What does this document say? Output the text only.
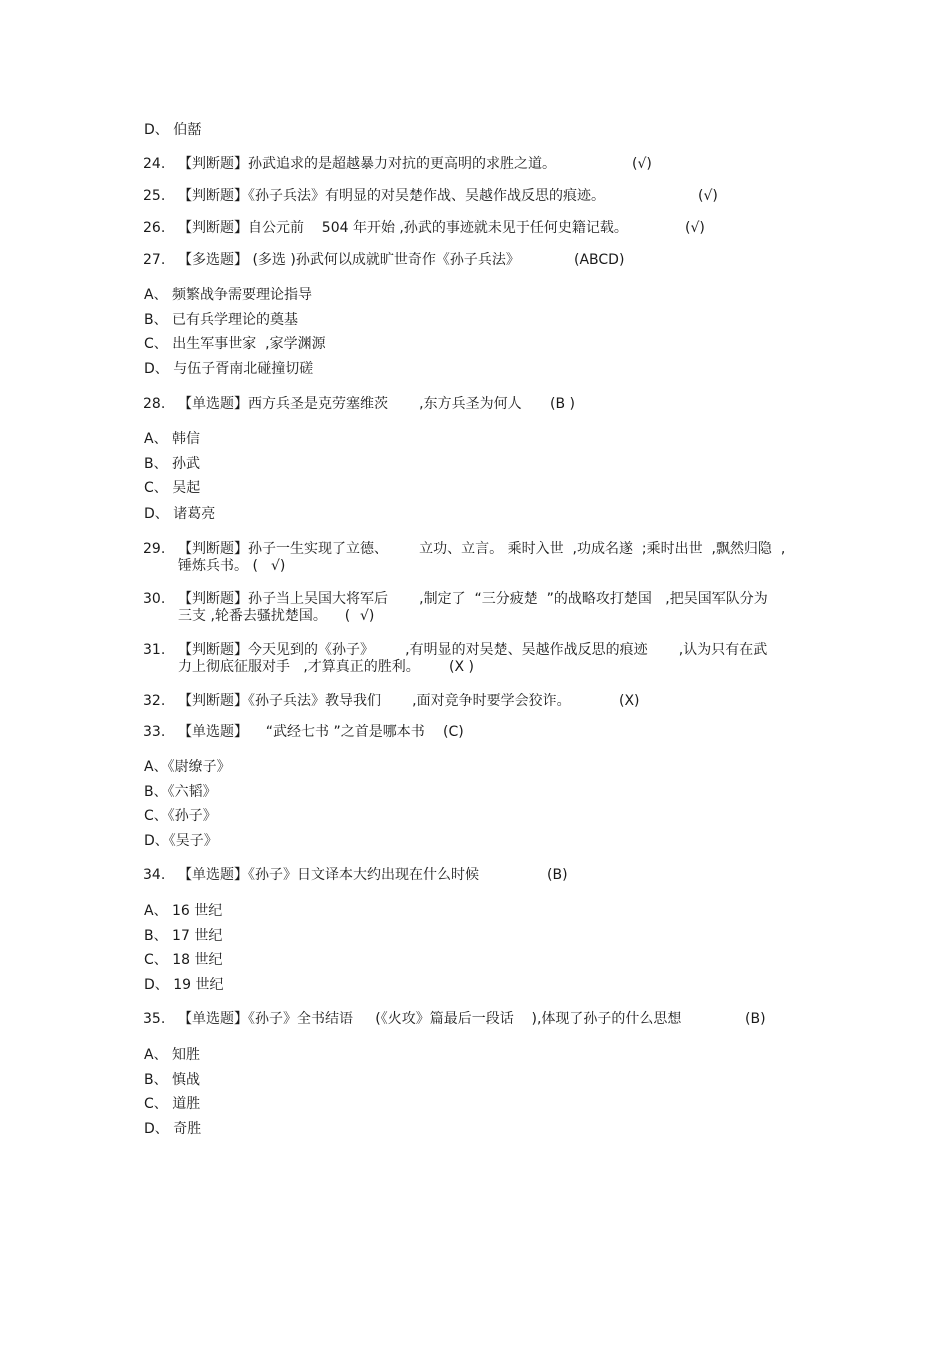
D、 伯嚭
24. 【判断题】孙武追求的是超越暴力对抗的更高明的求胜之道。	(√)
25. 【判断题】《孙子兵法》有明显的对吴楚作战、吴越作战反思的痕迹。	(√)
26. 【判断题】自公元前    504 年开始 ,孙武的事迹就未见于任何史籍记载。	(√)
27. 【多选题】 (多选 )孙武何以成就旷世奇作《孙子兵法》	(ABCD)
A、 频繁战争需要理论指导
B、 已有兵学理论的奠基
C、 出生军事世家  ,家学渊源
D、 与伍子胥南北碰撞切磋
28. 【单选题】西方兵圣是克劳塞维茨       ,东方兵圣为何人 (B )
A、 韩信
B、 孙武
C、 吴起
D、 诸葛亮
29. 【判断题】孙子一生实现了立德、       立功、立言。 乘时入世  ,功成名遂  ;乘时出世  ,飘然归隐  ,
锤炼兵书。 ( √)
30. 【判断题】孙子当上吴国大将军后       ,制定了  “三分疲楚  ”的战略攻打楚国   ,把吴国军队分为
三支 ,轮番去骚扰楚国。    ( √)
31. 【判断题】今天见到的《孙子》       ,有明显的对吴楚、吴越作战反思的痕迹       ,认为只有在武
力上彻底征服对手   ,才算真正的胜利。 (X )
32. 【判断题】《孙子兵法》教导我们       ,面对竞争时要学会狡诈。	(X)
33. 【单选题】    “武经七书 ”之首是哪本书 (C)
A、《尉缭子》
B、《六韬》
C、《孙子》
D、《吴子》
34. 【单选题】《孙子》日文译本大约出现在什么时候	(B)
A、 16 世纪
B、 17 世纪
C、 18 世纪
D、 19 世纪
35. 【单选题】《孙子》全书结语     (《火攻》篇最后一段话    ),体现了孙子的什么思想	(B)
A、 知胜
B、 慎战
C、 道胜
D、 奇胜
